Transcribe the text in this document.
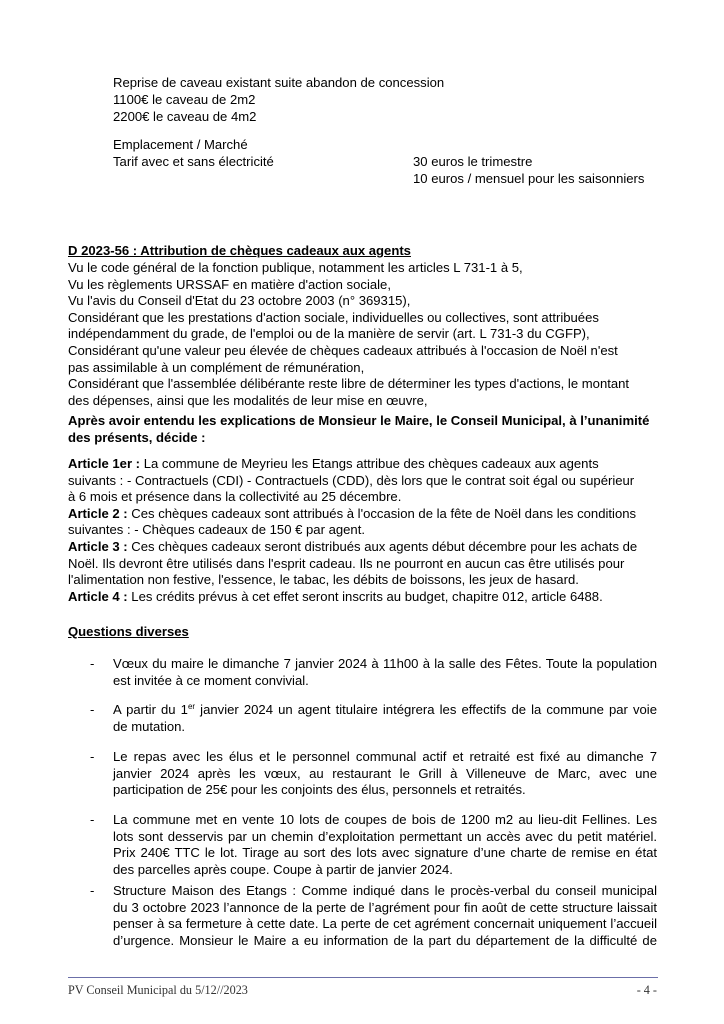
Reprise de caveau existant suite abandon de concession
1100€ le caveau de 2m2
2200€ le caveau de 4m2
Emplacement / Marché
Tarif avec et sans électricité	30 euros le trimestre
10 euros / mensuel pour les saisonniers
D 2023-56 : Attribution de chèques cadeaux aux agents
Vu le code général de la fonction publique, notamment les articles L 731-1 à 5,
Vu les règlements URSSAF en matière d'action sociale,
Vu l'avis du Conseil d'Etat du 23 octobre 2003 (n° 369315),
Considérant que les prestations d'action sociale, individuelles ou collectives, sont attribuées
indépendamment du grade, de l'emploi ou de la manière de servir (art. L 731-3 du CGFP),
Considérant qu'une valeur peu élevée de chèques cadeaux attribués à l'occasion de Noël n'est
pas assimilable à un complément de rémunération,
Considérant que l'assemblée délibérante reste libre de déterminer les types d'actions, le montant
des dépenses, ainsi que les modalités de leur mise en œuvre,
Après avoir entendu les explications de Monsieur le Maire, le Conseil Municipal, à l’unanimité
des présents, décide :
Article 1er : La commune de Meyrieu les Etangs attribue des chèques cadeaux aux agents
suivants : - Contractuels (CDI) - Contractuels (CDD), dès lors que le contrat soit égal ou supérieur
à 6 mois et présence dans la collectivité au 25 décembre.
Article 2 : Ces chèques cadeaux sont attribués à l'occasion de la fête de Noël dans les conditions
suivantes : - Chèques cadeaux de 150 € par agent.
Article 3 : Ces chèques cadeaux seront distribués aux agents début décembre pour les achats de
Noël. Ils devront être utilisés dans l'esprit cadeau. Ils ne pourront en aucun cas être utilisés pour
l'alimentation non festive, l'essence, le tabac, les débits de boissons, les jeux de hasard.
Article 4 : Les crédits prévus à cet effet seront inscrits au budget, chapitre 012, article 6488.
Questions diverses
- Vœux du maire le dimanche 7 janvier 2024 à 11h00 à la salle des Fêtes. Toute la population
est invitée à ce moment convivial.
- A partir du 1er janvier 2024 un agent titulaire intégrera les effectifs de la commune par voie
de mutation.
- Le repas avec les élus et le personnel communal actif et retraité est fixé au dimanche 7
janvier 2024 après les vœux, au restaurant le Grill à Villeneuve de Marc, avec une
participation de 25€ pour les conjoints des élus, personnels et retraités.
- La commune met en vente 10 lots de coupes de bois de 1200 m2 au lieu-dit Fellines. Les
lots sont desservis par un chemin d’exploitation permettant un accès avec du petit matériel.
Prix 240€ TTC le lot. Tirage au sort des lots avec signature d’une charte de remise en état
des parcelles après coupe. Coupe à partir de janvier 2024.
- Structure Maison des Etangs : Comme indiqué dans le procès-verbal du conseil municipal
du 3 octobre 2023 l’annonce de la perte de l’agrément pour fin août de cette structure laissait
penser à sa fermeture à cette date. La perte de cet agrément concernait uniquement l’accueil
d’urgence. Monsieur le Maire a eu information de la part du département de la difficulté de
PV Conseil Municipal du 5/12//2023	- 4 -
